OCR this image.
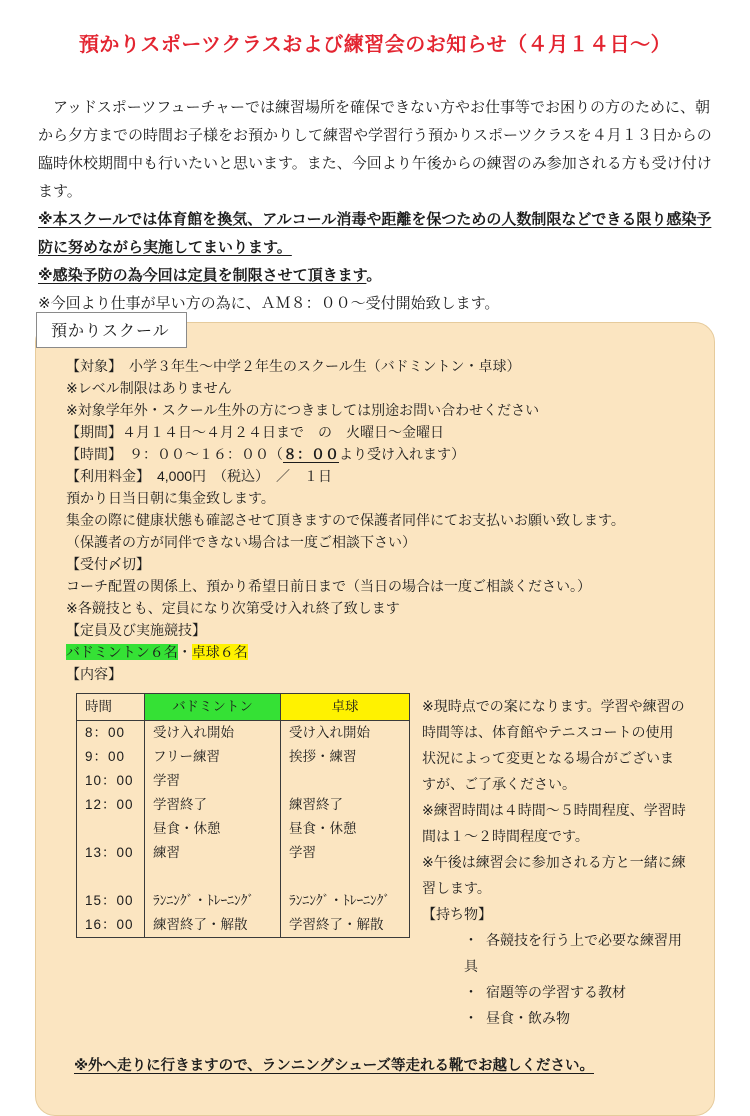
預かりスポーツクラスおよび練習会のお知らせ（４月１４日～）

アッドスポーツフューチャーでは練習場所を確保できない方やお仕事等でお困りの方のために、朝から夕方までの時間お子様をお預かりして練習や学習行う預かりスポーツクラスを４月１３日からの臨時休校期間中も行いたいと思います。また、今回より午後からの練習のみ参加される方も受け付けます。

※本スクールでは体育館を換気、アルコール消毒や距離を保つための人数制限などできる限り感染予防に努めながら実施してまいります。

※感染予防の為今回は定員を制限させて頂きます。

※今回より仕事が早い方の為に、ＡＭ８：００～受付開始致します。

預かりスクール

【対象】　小学３年生～中学２年生のスクール生（バドミントン・卓球）

※レベル制限はありません

※対象学年外・スクール生外の方につきましては別途お問い合わせください

【期間】４月１４日～４月２４日まで　の　火曜日～金曜日

【時間】　９：００～１６：００（８：００より受け入れます）

【利用料金】　4,000円　（税込）　／　１日

預かり日当日朝に集金致します。

集金の際に健康状態も確認させて頂きますので保護者同伴にてお支払いお願い致します。

（保護者の方が同伴できない場合は一度ご相談下さい）

【受付〆切】

コーチ配置の関係上、預かり希望日前日まで（当日の場合は一度ご相談ください。）

※各競技とも、定員になり次第受け入れ終了致します

【定員及び実施競技】

バドミントン６名・卓球６名

【内容】

時間	バドミントン	卓球
8：00	受け入れ開始	受け入れ開始
9：00	フリー練習	挨拶・練習
10：00	学習	
12：00	学習終了	練習終了
	昼食・休憩	昼食・休憩
13：00	練習	学習

15：00	ﾗﾝﾆﾝｸﾞ・ﾄﾚｰﾆﾝｸﾞ	ﾗﾝﾆﾝｸﾞ・ﾄﾚｰﾆﾝｸﾞ
16：00	練習終了・解散	学習終了・解散

※現時点での案になります。学習や練習の時間等は、体育館やテニスコートの使用状況によって変更となる場合がございますが、ご了承ください。

※練習時間は４時間～５時間程度、学習時間は１～２時間程度です。

※午後は練習会に参加される方と一緒に練習します。

【持ち物】

・ 各競技を行う上で必要な練習用具
・ 宿題等の学習する教材
・ 昼食・飲み物

※外へ走りに行きますので、ランニングシューズ等走れる靴でお越しください。
